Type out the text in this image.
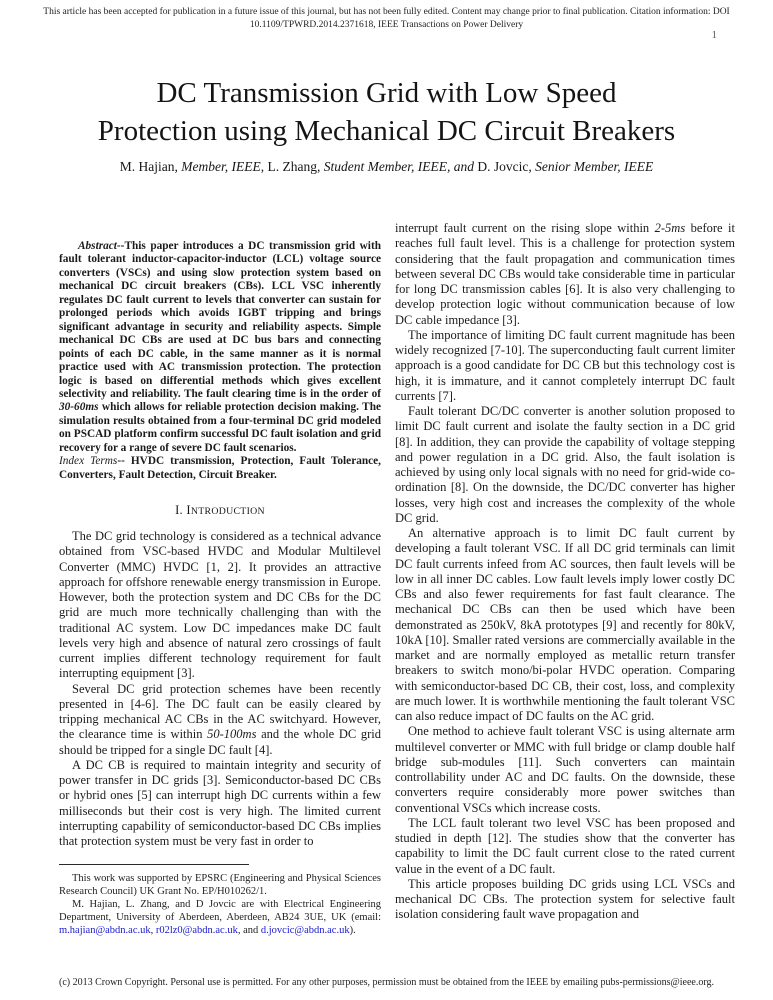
This article has been accepted for publication in a future issue of this journal, but has not been fully edited. Content may change prior to final publication. Citation information: DOI
10.1109/TPWRD.2014.2371618, IEEE Transactions on Power Delivery
1
DC Transmission Grid with Low Speed
Protection using Mechanical DC Circuit Breakers
M. Hajian, Member, IEEE, L. Zhang, Student Member, IEEE, and D. Jovcic, Senior Member, IEEE

Abstract--This paper introduces a DC transmission grid with fault tolerant inductor-capacitor-inductor (LCL) voltage source converters (VSCs) and using slow protection system based on mechanical DC circuit breakers (CBs). LCL VSC inherently regulates DC fault current to levels that converter can sustain for prolonged periods which avoids IGBT tripping and brings significant advantage in security and reliability aspects. Simple mechanical DC CBs are used at DC bus bars and connecting points of each DC cable, in the same manner as it is normal practice used with AC transmission protection. The protection logic is based on differential methods which gives excellent selectivity and reliability. The fault clearing time is in the order of 30-60ms which allows for reliable protection decision making. The simulation results obtained from a four-terminal DC grid modeled on PSCAD platform confirm successful DC fault isolation and grid recovery for a range of severe DC fault scenarios.

Index Terms-- HVDC transmission, Protection, Fault Tolerance, Converters, Fault Detection, Circuit Breaker.

I. INTRODUCTION

The DC grid technology is considered as a technical advance obtained from VSC-based HVDC and Modular Multilevel Converter (MMC) HVDC [1, 2]. It provides an attractive approach for offshore renewable energy transmission in Europe. However, both the protection system and DC CBs for the DC grid are much more technically challenging than with the traditional AC system. Low DC impedances make DC fault levels very high and absence of natural zero crossings of fault current implies different technology requirement for fault interrupting equipment [3].

Several DC grid protection schemes have been recently presented in [4-6]. The DC fault can be easily cleared by tripping mechanical AC CBs in the AC switchyard. However, the clearance time is within 50-100ms and the whole DC grid should be tripped for a single DC fault [4].

A DC CB is required to maintain integrity and security of power transfer in DC grids [3]. Semiconductor-based DC CBs or hybrid ones [5] can interrupt high DC currents within a few milliseconds but their cost is very high. The limited current interrupting capability of semiconductor-based DC CBs implies that protection system must be very fast in order to

This work was supported by EPSRC (Engineering and Physical Sciences Research Council) UK Grant No. EP/H010262/1.

M. Hajian, L. Zhang, and D Jovcic are with Electrical Engineering Department, University of Aberdeen, Aberdeen, AB24 3UE, UK (email: m.hajian@abdn.ac.uk, r02lz0@abdn.ac.uk, and d.jovcic@abdn.ac.uk).

interrupt fault current on the rising slope within 2-5ms before it reaches full fault level. This is a challenge for protection system considering that the fault propagation and communication times between several DC CBs would take considerable time in particular for long DC transmission cables [6]. It is also very challenging to develop protection logic without communication because of low DC cable impedance [3].

The importance of limiting DC fault current magnitude has been widely recognized [7-10]. The superconducting fault current limiter approach is a good candidate for DC CB but this technology cost is high, it is immature, and it cannot completely interrupt DC fault currents [7].

Fault tolerant DC/DC converter is another solution proposed to limit DC fault current and isolate the faulty section in a DC grid [8]. In addition, they can provide the capability of voltage stepping and power regulation in a DC grid. Also, the fault isolation is achieved by using only local signals with no need for grid-wide co-ordination [8]. On the downside, the DC/DC converter has higher losses, very high cost and increases the complexity of the whole DC grid.

An alternative approach is to limit DC fault current by developing a fault tolerant VSC. If all DC grid terminals can limit DC fault currents infeed from AC sources, then fault levels will be low in all inner DC cables. Low fault levels imply lower costly DC CBs and also fewer requirements for fast fault clearance. The mechanical DC CBs can then be used which have been demonstrated as 250kV, 8kA prototypes [9] and recently for 80kV, 10kA [10]. Smaller rated versions are commercially available in the market and are normally employed as metallic return transfer breakers to switch mono/bi-polar HVDC operation. Comparing with semiconductor-based DC CB, their cost, loss, and complexity are much lower. It is worthwhile mentioning the fault tolerant VSC can also reduce impact of DC faults on the AC grid.

One method to achieve fault tolerant VSC is using alternate arm multilevel converter or MMC with full bridge or clamp double half bridge sub-modules [11]. Such converters can maintain controllability under AC and DC faults. On the downside, these converters require considerably more power switches than conventional VSCs which increase costs.

The LCL fault tolerant two level VSC has been proposed and studied in depth [12]. The studies show that the converter has capability to limit the DC fault current close to the rated current value in the event of a DC fault.

This article proposes building DC grids using LCL VSCs and mechanical DC CBs. The protection system for selective fault isolation considering fault wave propagation and

(c) 2013 Crown Copyright. Personal use is permitted. For any other purposes, permission must be obtained from the IEEE by emailing pubs-permissions@ieee.org.
